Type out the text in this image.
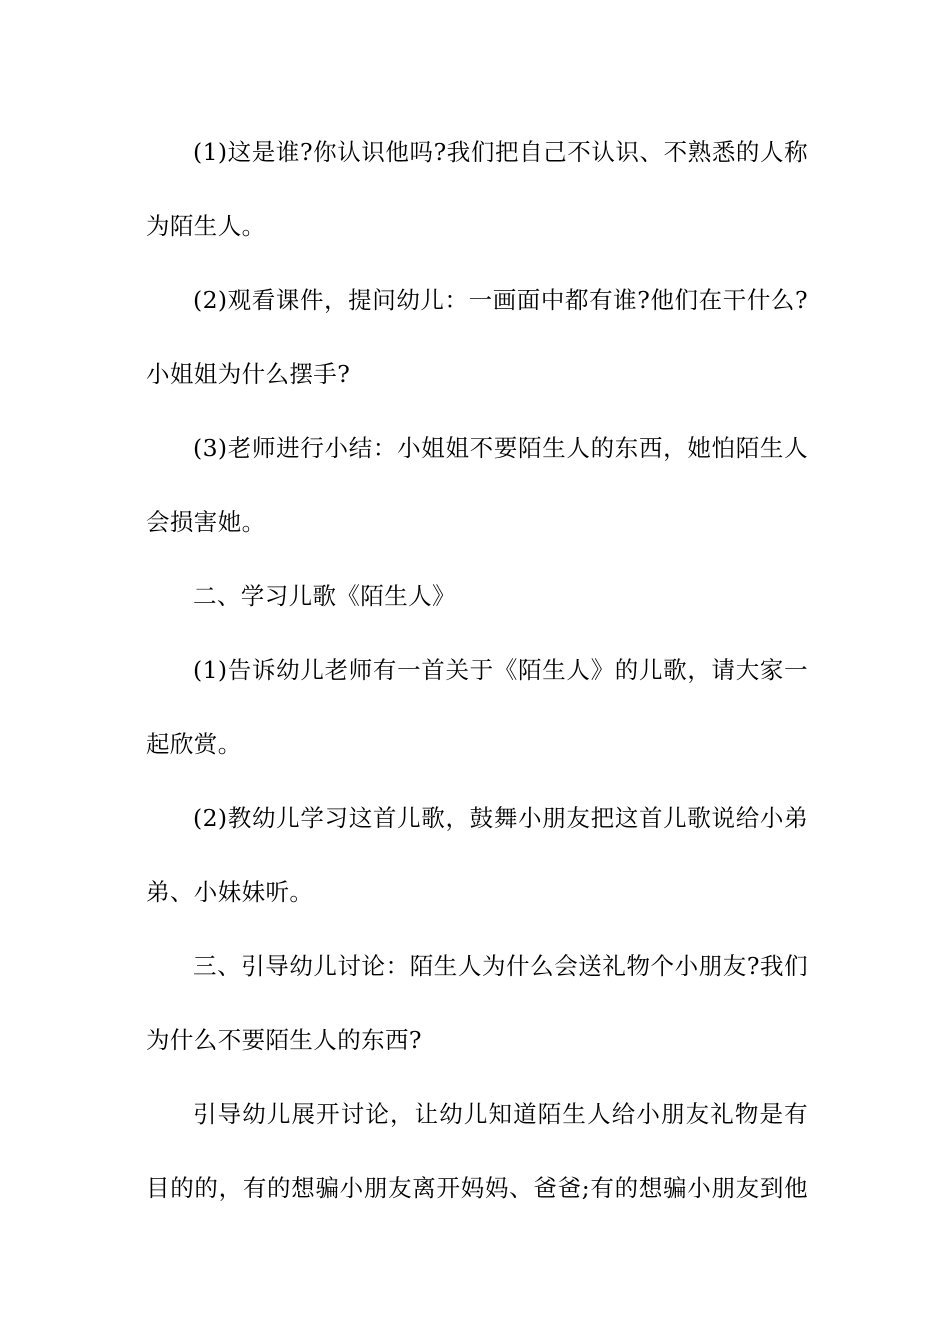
(1)这是谁?你认识他吗?我们把自己不认识、不熟悉的人称
为陌生人。
(2)观看课件，提问幼儿：一画面中都有谁?他们在干什么?
小姐姐为什么摆手?
(3)老师进行小结：小姐姐不要陌生人的东西，她怕陌生人
会损害她。
二、学习儿歌《陌生人》
(1)告诉幼儿老师有一首关于《陌生人》的儿歌，请大家一
起欣赏。
(2)教幼儿学习这首儿歌，鼓舞小朋友把这首儿歌说给小弟
弟、小妹妹听。
三、引导幼儿讨论：陌生人为什么会送礼物个小朋友?我们
为什么不要陌生人的东西?
引导幼儿展开讨论，让幼儿知道陌生人给小朋友礼物是有
目的的，有的想骗小朋友离开妈妈、爸爸;有的想骗小朋友到他
